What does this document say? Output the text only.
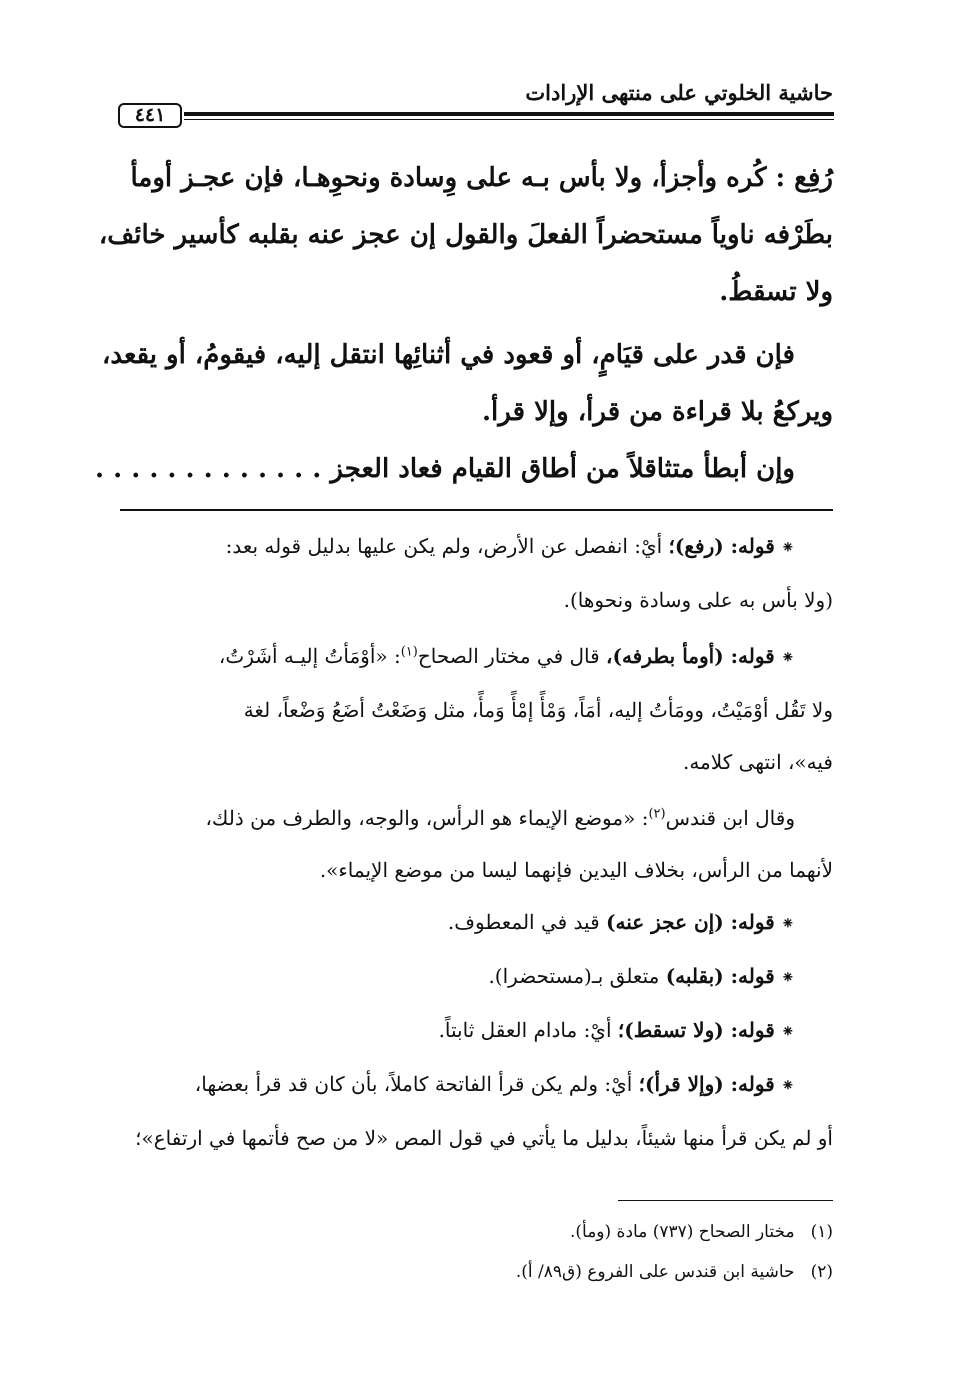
حاشية الخلوتي على منتهى الإرادات
٤٤١

رُفِع : كُره وأجزأ، ولا بأس بـه على وِسادة ونحوِهـا، فإن عجـز أومأ

بطَرْفه ناوياً مستحضراً الفعلَ والقول إن عجز عنه بقلبه كأسير خائف،

ولا تسقطُ.

فإن قدر على قيَامٍ، أو قعود في أثنائِها انتقل إليه، فيقومُ، أو يقعد،

ويركعُ بلا قراءة من قرأ، وإلا قرأ.

وإن أبطأ متثاقلاً من أطاق القيام فعاد العجز . . . . . . . . . . . . .

⁕قوله: (رفع)؛ أيْ: انفصل عن الأرض، ولم يكن عليها بدليل قوله بعد:

(ولا بأس به على وسادة ونحوها).

⁕قوله: (أومأ بطرفه)، قال في مختار الصحاح$^{(١)}$: «أوْمَأتُ إليـه أشَرْتُ،

ولا تَقُل أوْمَيْتُ، وومَأتُ إليه، أمَاً، وَمْأً إمْأً وَمأً، مثل وَضَعْتُ أضَعُ وَضْعاً، لغة

فيه»، انتهى كلامه.

وقال ابن قندس$^{(٢)}$: «موضع الإيماء هو الرأس، والوجه، والطرف من ذلك،

لأنهما من الرأس، بخلاف اليدين فإنهما ليسا من موضع الإيماء».

⁕قوله: (إن عجز عنه) قيد في المعطوف.

⁕قوله: (بقلبه) متعلق بـ(مستحضرا).

⁕قوله: (ولا تسقط)؛ أيْ: مادام العقل ثابتاً.

⁕قوله: (وإلا قرأ)؛ أيْ: ولم يكن قرأ الفاتحة كاملاً، بأن كان قد قرأ بعضها،

أو لم يكن قرأ منها شيئاً، بدليل ما يأتي في قول المص «لا من صح فأتمها في ارتفاع»؛

(١)مختار الصحاح (٧٣٧) مادة (ومأ).

(٢)حاشية ابن قندس على الفروع (ق٨٩/ أ).
